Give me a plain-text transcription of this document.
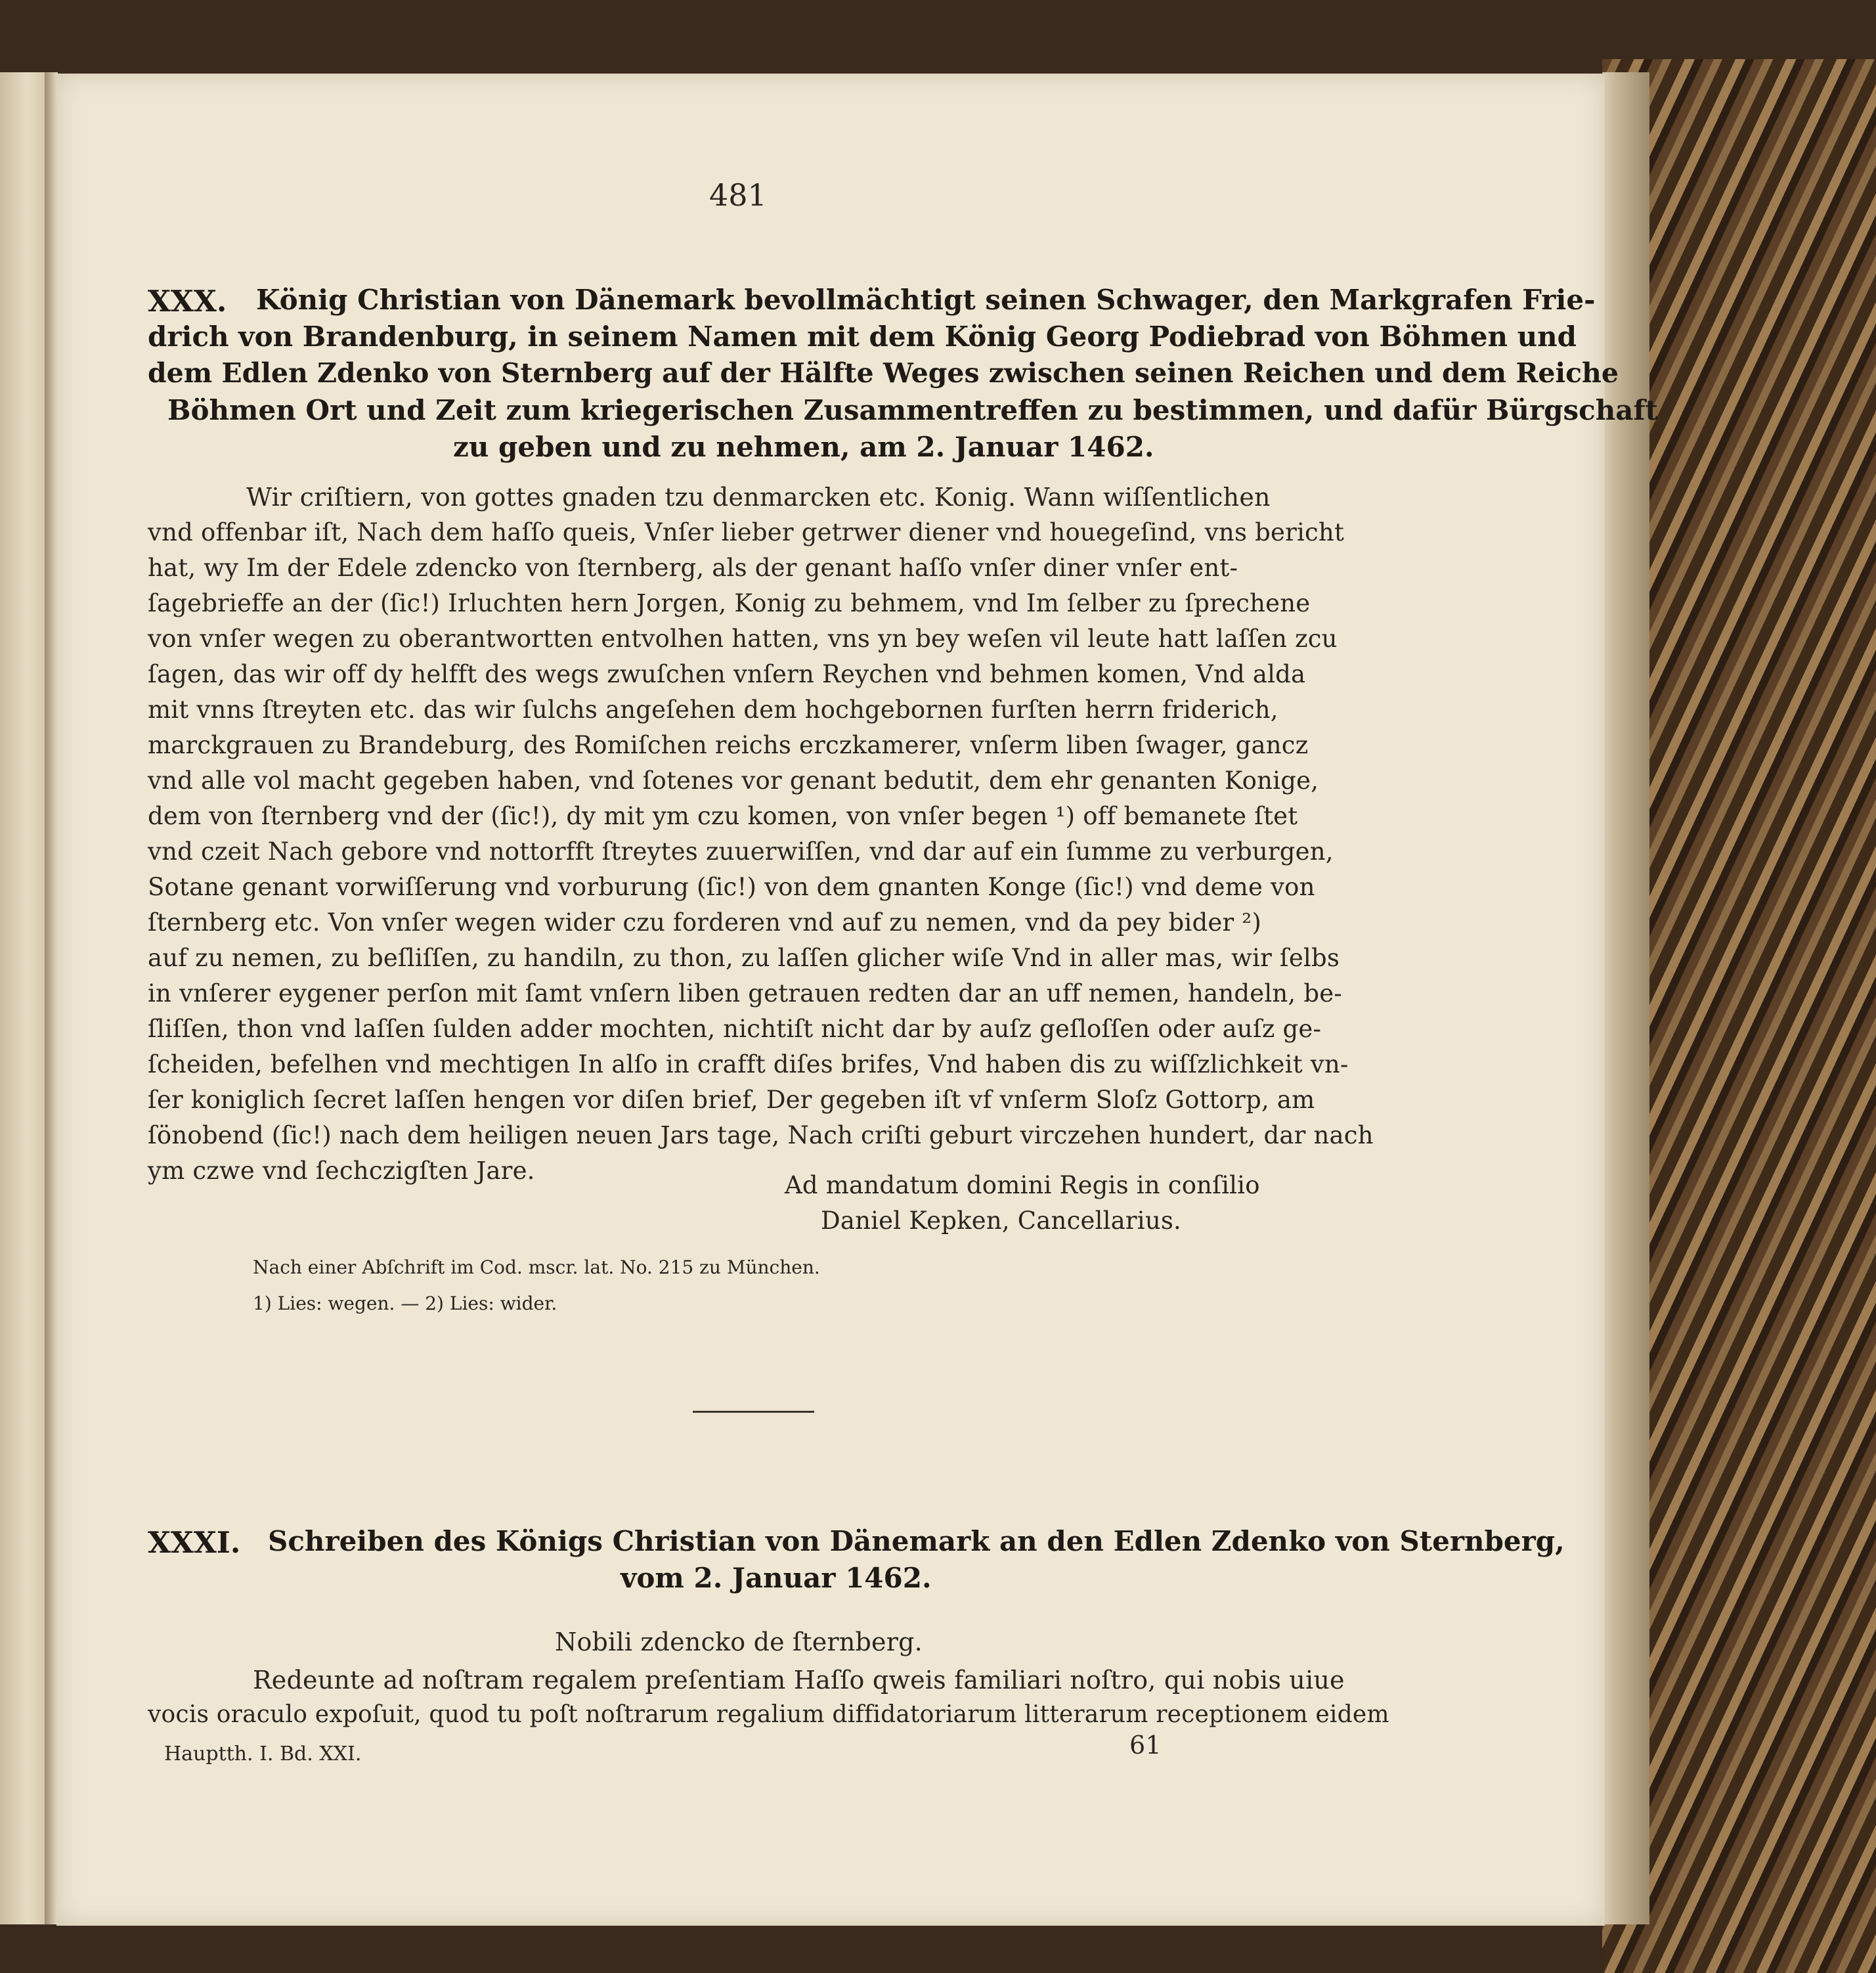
481
XXX. König Christian von Dänemark bevollmächtigt seinen Schwager, den Markgrafen Frie-
drich von Brandenburg, in seinem Namen mit dem König Georg Podiebrad von Böhmen und
dem Edlen Zdenko von Sternberg auf der Hälfte Weges zwischen seinen Reichen und dem Reiche
Böhmen Ort und Zeit zum kriegerischen Zusammentreffen zu bestimmen, und dafür Bürgschaft
zu geben und zu nehmen, am 2. Januar 1462.
Wir criſtiern, von gottes gnaden tzu denmarcken etc. Konig. Wann wiſſentlichen
vnd offenbar iſt, Nach dem haſſo queis, Vnſer lieber getrwer diener vnd houegeſind, vns bericht
hat, wy Im der Edele zdencko von ſternberg, als der genant haſſo vnſer diner vnſer ent-
ſagebrieffe an der (ſic!) Irluchten hern Jorgen, Konig zu behmem, vnd Im ſelber zu ſprechene
von vnſer wegen zu oberantwortten entvolhen hatten, vns yn bey weſen vil leute hatt laſſen zcu
ſagen, das wir off dy helfft des wegs zwuſchen vnſern Reychen vnd behmen komen, Vnd alda
mit vnns ſtreyten etc. das wir ſulchs angeſehen dem hochgebornen furſten herrn friderich,
marckgrauen zu Brandeburg, des Romiſchen reichs erczkamerer, vnſerm liben ſwager, gancz
vnd alle vol macht gegeben haben, vnd ſotenes vor genant bedutit, dem ehr genanten Konige,
dem von ſternberg vnd der (ſic!), dy mit ym czu komen, von vnſer begen ¹) off bemanete ſtet
vnd czeit Nach gebore vnd nottorfft ſtreytes zuuerwiſſen, vnd dar auf ein ſumme zu verburgen,
Sotane genant vorwiſſerung vnd vorburung (ſic!) von dem gnanten Konge (ſic!) vnd deme von
ſternberg etc. Von vnſer wegen wider czu forderen vnd auf zu nemen, vnd da pey bider ²)
auf zu nemen, zu beſliſſen, zu handiln, zu thon, zu laſſen glicher wiſe Vnd in aller mas, wir ſelbs
in vnſerer eygener perſon mit ſamt vnſern liben getrauen redten dar an uff nemen, handeln, be-
ſliſſen, thon vnd laſſen ſulden adder mochten, nichtiſt nicht dar by auſz geſloſſen oder auſz ge-
ſcheiden, befelhen vnd mechtigen In alſo in crafft diſes brifes, Vnd haben dis zu wiſſzlichkeit vn-
ſer koniglich ſecret laſſen hengen vor diſen brief, Der gegeben iſt vf vnſerm Sloſz Gottorp, am
ſönobend (ſic!) nach dem heiligen neuen Jars tage, Nach criſti geburt virczehen hundert, dar nach
ym czwe vnd ſechczigſten Jare.
Ad mandatum domini Regis in conſilio
Daniel Kepken, Cancellarius.
Nach einer Abſchrift im Cod. mscr. lat. No. 215 zu München.
1) Lies: wegen. — 2) Lies: wider.
XXXI. Schreiben des Königs Christian von Dänemark an den Edlen Zdenko von Sternberg,
vom 2. Januar 1462.
Nobili zdencko de ſternberg.
Redeunte ad noſtram regalem preſentiam Haſſo qweis familiari noſtro, qui nobis uiue
vocis oraculo expoſuit, quod tu poſt noſtrarum regalium diffidatoriarum litterarum receptionem eidem
Hauptth. I. Bd. XXI.	61
